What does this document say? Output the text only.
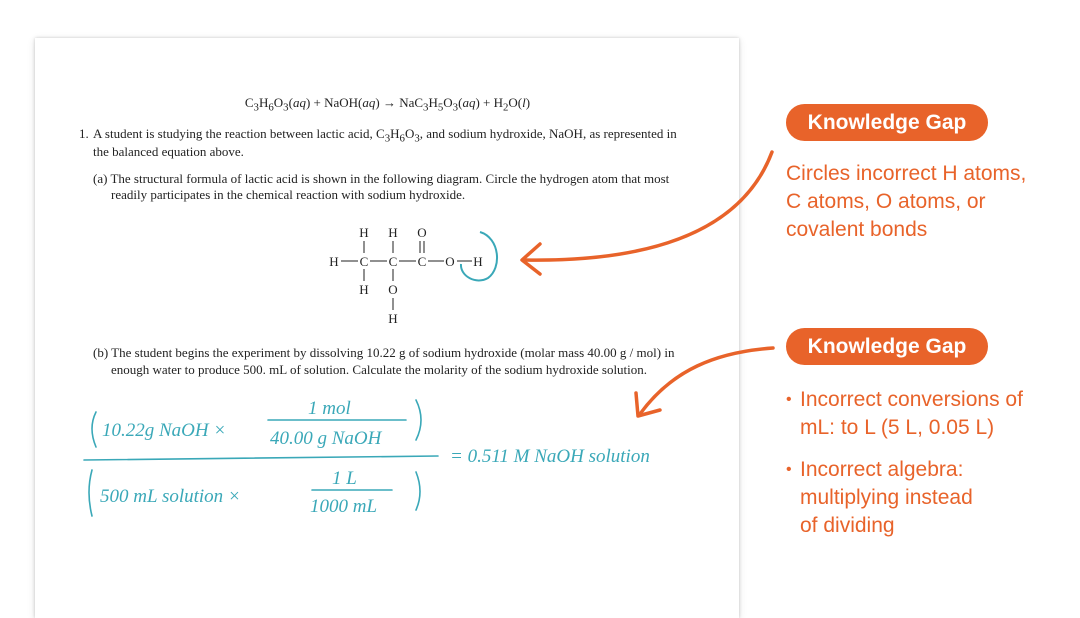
$C_3H_6O_3(aq)$ + NaOH(aq) → $NaC_3H_5O_3(aq) + H_2O(l)$
1. A student is studying the reaction between lactic acid, $C_3H_6O_3$, and sodium hydroxide, NaOH, as represented in
the balanced equation above.
(a) The structural formula of lactic acid is shown in the following diagram. Circle the hydrogen atom that most
readily participates in the chemical reaction with sodium hydroxide.
(b) The student begins the experiment by dissolving 10.22 g of sodium hydroxide (molar mass 40.00 g / mol) in
enough water to produce 500. mL of solution. Calculate the molarity of the sodium hydroxide solution.
H H O
H C C C O H
H O
H
10.22g NaOH ×
1 mol
40.00 g NaOH
500 mL solution ×
1 L
1000 mL
= 0.511 M NaOH solution
Knowledge Gap
Circles incorrect H atoms,
C atoms, O atoms, or
covalent bonds
Knowledge Gap
• Incorrect conversions of
mL: to L (5 L, 0.05 L)
• Incorrect algebra:
multiplying instead
of dividing
